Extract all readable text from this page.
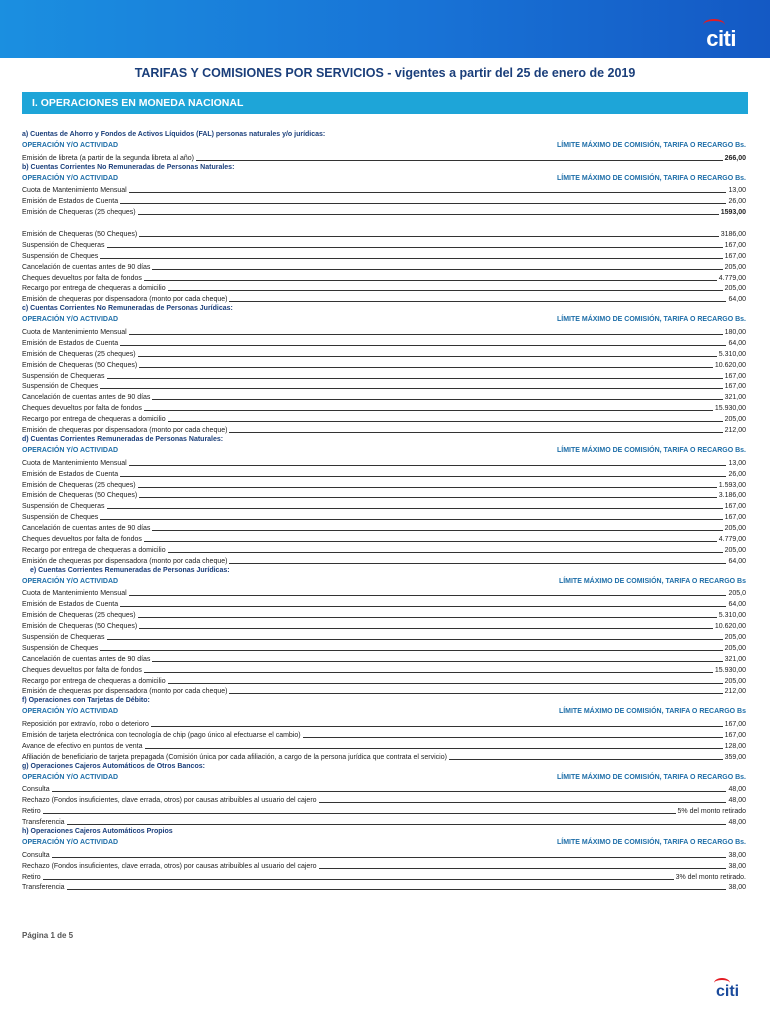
citi
TARIFAS Y COMISIONES POR SERVICIOS - vigentes a partir del 25 de enero de 2019
I. OPERACIONES EN MONEDA NACIONAL
a) Cuentas de Ahorro y Fondos de Activos Líquidos (FAL) personas naturales y/o jurídicas:
OPERACIÓN Y/O ACTIVIDAD	LÍMITE MÁXIMO DE COMISIÓN, TARIFA O RECARGO Bs.
Emisión de libreta (a partir de la segunda libreta al año)	266,00
b) Cuentas Corrientes No Remuneradas de Personas Naturales:
OPERACIÓN Y/O ACTIVIDAD	LÍMITE MÁXIMO DE COMISIÓN, TARIFA O RECARGO Bs.
Cuota de Mantenimiento Mensual	13,00
Emisión de Estados de Cuenta	26,00
Emisión de Chequeras (25 cheques)	1593,00
Emisión de Chequeras (50 Cheques)	3186,00
Suspensión de Chequeras	167,00
Suspensión de Cheques	167,00
Cancelación de cuentas antes de 90 días	205,00
Cheques devueltos por falta de fondos	4.779,00
Recargo por entrega de chequeras a domicilio	205,00
Emisión de chequeras por dispensadora (monto por cada cheque)	64,00
c) Cuentas Corrientes No Remuneradas de Personas Jurídicas:
OPERACIÓN Y/O ACTIVIDAD	LÍMITE MÁXIMO DE COMISIÓN, TARIFA O RECARGO Bs.
Cuota de Mantenimiento Mensual	180,00
Emisión de Estados de Cuenta	64,00
Emisión de Chequeras (25 cheques)	5.310,00
Emisión de Chequeras (50 Cheques)	10.620,00
Suspensión de Chequeras	167,00
Suspensión de Cheques	167,00
Cancelación de cuentas antes de 90 días	321,00
Cheques devueltos por falta de fondos	15.930,00
Recargo por entrega de chequeras a domicilio	205,00
Emisión de chequeras por dispensadora (monto por cada cheque)	212,00
d) Cuentas Corrientes Remuneradas de Personas Naturales:
OPERACIÓN Y/O ACTIVIDAD	LÍMITE MÁXIMO DE COMISIÓN, TARIFA O RECARGO Bs.
Cuota de Mantenimiento Mensual	13,00
Emisión de Estados de Cuenta	26,00
Emisión de Chequeras (25 cheques)	1.593,00
Emisión de Chequeras (50 Cheques)	3.186,00
Suspensión de Chequeras	167,00
Suspensión de Cheques	167,00
Cancelación de cuentas antes de 90 días	205,00
Cheques devueltos por falta de fondos	4.779,00
Recargo por entrega de chequeras a domicilio	205,00
Emisión de chequeras por dispensadora (monto por cada cheque)	64,00
e) Cuentas Corrientes Remuneradas de Personas Jurídicas:
OPERACIÓN Y/O ACTIVIDAD	LÍMITE MÁXIMO DE COMISIÓN, TARIFA O RECARGO Bs
Cuota de Mantenimiento Mensual	205,0
Emisión de Estados de Cuenta	64,00
Emisión de Chequeras (25 cheques)	5.310,00
Emisión de Chequeras (50 Cheques)	10.620,00
Suspensión de Chequeras	205,00
Suspensión de Cheques	205,00
Cancelación de cuentas antes de 90 días	321,00
Cheques devueltos por falta de fondos	15.930,00
Recargo por entrega de chequeras a domicilio	205,00
Emisión de chequeras por dispensadora (monto por cada cheque)	212,00
f) Operaciones con Tarjetas de Débito:
OPERACIÓN Y/O ACTIVIDAD	LÍMITE MÁXIMO DE COMISIÓN, TARIFA O RECARGO Bs
Reposición por extravío, robo o deterioro	167,00
Emisión de tarjeta electrónica con tecnología de chip (pago único al efectuarse el cambio)	167,00
Avance de efectivo en puntos de venta	128,00
Afiliación de beneficiario de tarjeta prepagada (Comisión única por cada afiliación, a cargo de la persona jurídica que contrata el servicio)	359,00
g) Operaciones Cajeros Automáticos de Otros Bancos:
OPERACIÓN Y/O ACTIVIDAD	LÍMITE MÁXIMO DE COMISIÓN, TARIFA O RECARGO Bs.
Consulta	48,00
Rechazo (Fondos insuficientes, clave errada, otros) por causas atribuibles al usuario del cajero	48,00
Retiro	5% del monto retirado
Transferencia	48,00
h) Operaciones Cajeros Automáticos Propios
OPERACIÓN Y/O ACTIVIDAD	LÍMITE MÁXIMO DE COMISIÓN, TARIFA O RECARGO Bs.
Consulta	38,00
Rechazo (Fondos insuficientes, clave errada, otros) por causas atribuibles al usuario del cajero	38,00
Retiro	3% del monto retirado.
Transferencia	38,00
Página 1 de 5
citi
